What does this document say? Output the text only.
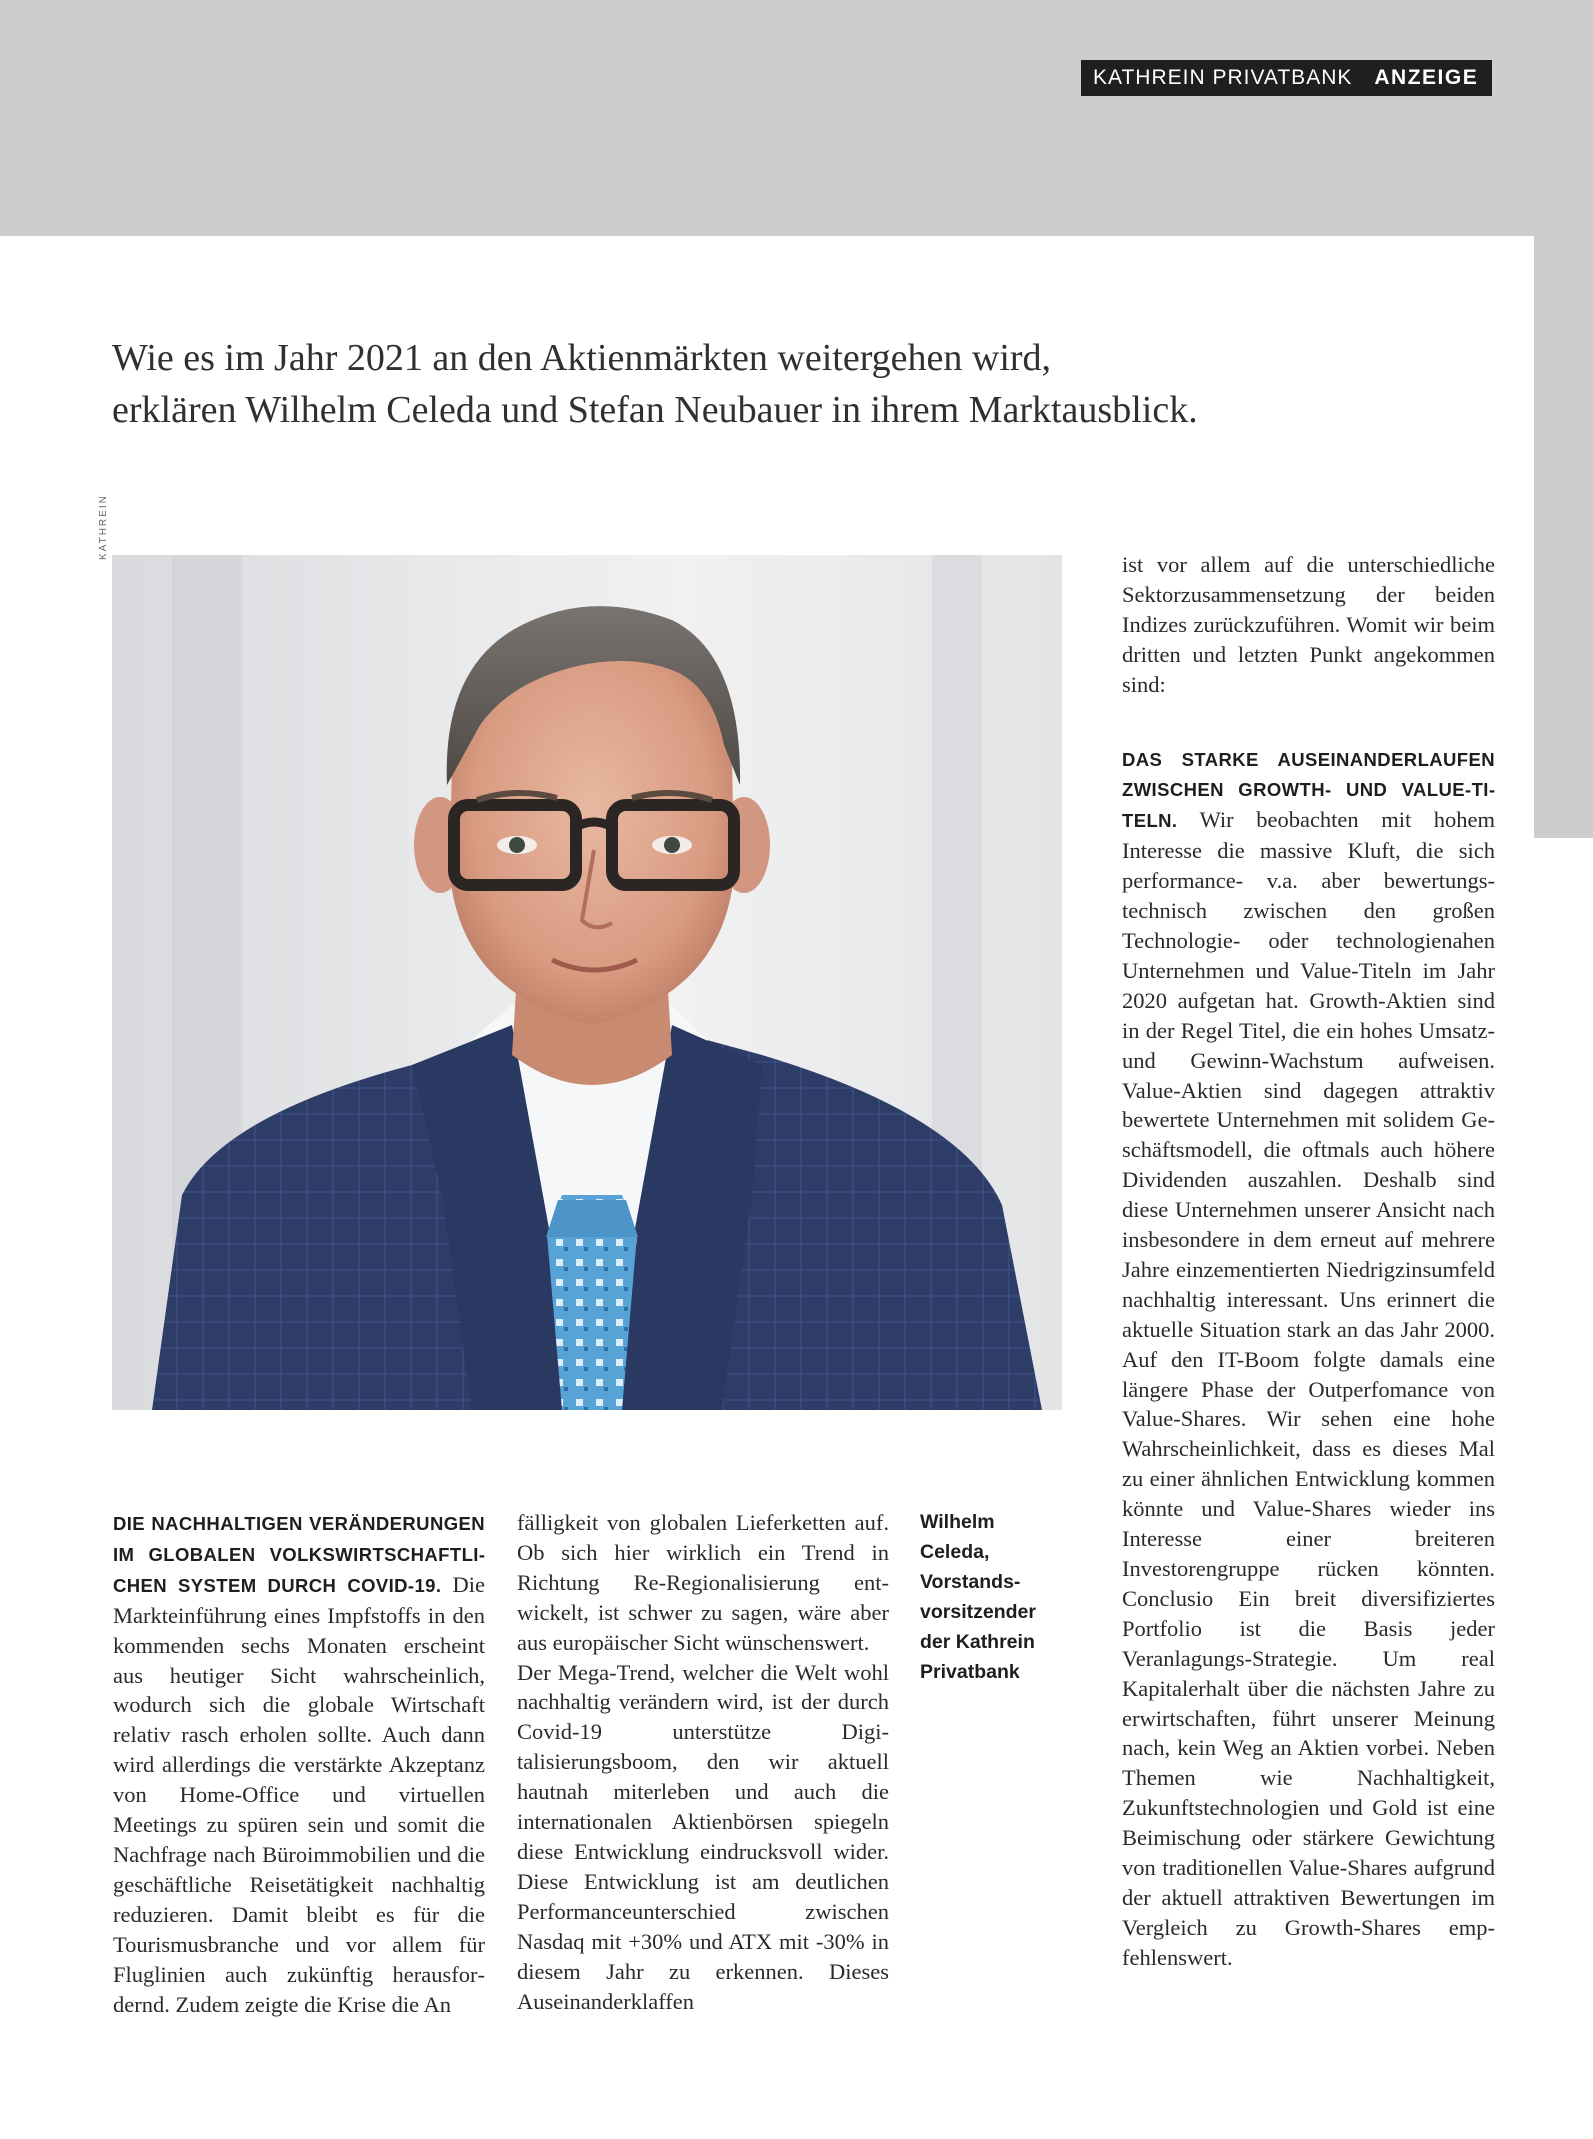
KATHREIN PRIVATBANK ANZEIGE
Wie es im Jahr 2021 an den Aktienmärkten weitergehen wird,
erklären Wilhelm Celeda und Stefan Neubauer in ihrem Marktausblick.
KATHREIN

DIE NACHHALTIGEN VERÄNDERUNGEN IM GLOBALEN VOLKSWIRTSCHAFTLICHEN SYSTEM DURCH COVID-19. Die Markteinführung eines Impfstoffs in den kommenden sechs Monaten erscheint aus heutiger Sicht wahrscheinlich, wodurch sich die globale Wirtschaft relativ rasch erholen sollte. Auch dann wird allerdings die verstärkte Akzeptanz von Home-Office und virtuellen Meetings zu spüren sein und somit die Nachfrage nach Büroimmobilien und die geschäftliche Reisetätigkeit nachhaltig reduzieren. Damit bleibt es für die Tourismusbranche und vor allem für Fluglinien auch zukünftig herausfordernd. Zudem zeigte die Krise die An

fälligkeit von globalen Lieferketten auf. Ob sich hier wirklich ein Trend in Richtung Re-Regionalisierung entwickelt, ist schwer zu sagen, wäre aber aus europäischer Sicht wünschenswert.

Der Mega-Trend, welcher die Welt wohl nachhaltig verändern wird, ist der durch Covid-19 unterstütze Digitalisierungsboom, den wir aktuell hautnah miterleben und auch die internationalen Aktienbörsen spiegeln diese Entwicklung eindrucksvoll wider. Diese Entwicklung ist am deutlichen Performanceunterschied zwischen Nasdaq mit +30% und ATX mit -30% in diesem Jahr zu erkennen. Dieses Auseinanderklaffen

Wilhelm
Celeda,
Vorstands-
vorsitzender
der Kathrein
Privatbank

ist vor allem auf die unterschiedliche Sektorzusammensetzung der beiden Indizes zurückzuführen. Womit wir beim dritten und letzten Punkt angekommen sind:

DAS STARKE AUSEINANDERLAUFEN ZWISCHEN GROWTH- UND VALUE-TITELN. Wir beobachten mit hohem Interesse die massive Kluft, die sich performance- v.a. aber bewertungstechnisch zwischen den großen Technologie- oder technologienahen Unternehmen und Value-Titeln im Jahr 2020 aufgetan hat. Growth-Aktien sind in der Regel Titel, die ein hohes Umsatz- und Gewinn-Wachstum aufweisen. Value-Aktien sind dagegen attraktiv bewertete Unternehmen mit solidem Geschäftsmodell, die oftmals auch höhere Dividenden auszahlen. Deshalb sind diese Unternehmen unserer Ansicht nach insbesondere in dem erneut auf mehrere Jahre einzementierten Niedrigzinsumfeld nachhaltig interessant. Uns erinnert die aktuelle Situation stark an das Jahr 2000. Auf den IT-Boom folgte damals eine längere Phase der Outperfomance von Value-Shares. Wir sehen eine hohe Wahrscheinlichkeit, dass es dieses Mal zu einer ähnlichen Entwicklung kommen könnte und Value-Shares wieder ins Interesse einer breiteren Investorengruppe rücken könnten. Conclusio Ein breit diversifiziertes Portfolio ist die Basis jeder Veranlagungs-Strategie. Um real Kapitalerhalt über die nächsten Jahre zu erwirtschaften, führt unserer Meinung nach, kein Weg an Aktien vorbei. Neben Themen wie Nachhaltigkeit, Zukunftstechnologien und Gold ist eine Beimischung oder stärkere Gewichtung von traditionellen Value-Shares aufgrund der aktuell attraktiven Bewertungen im Vergleich zu Growth-Shares empfehlenswert.
